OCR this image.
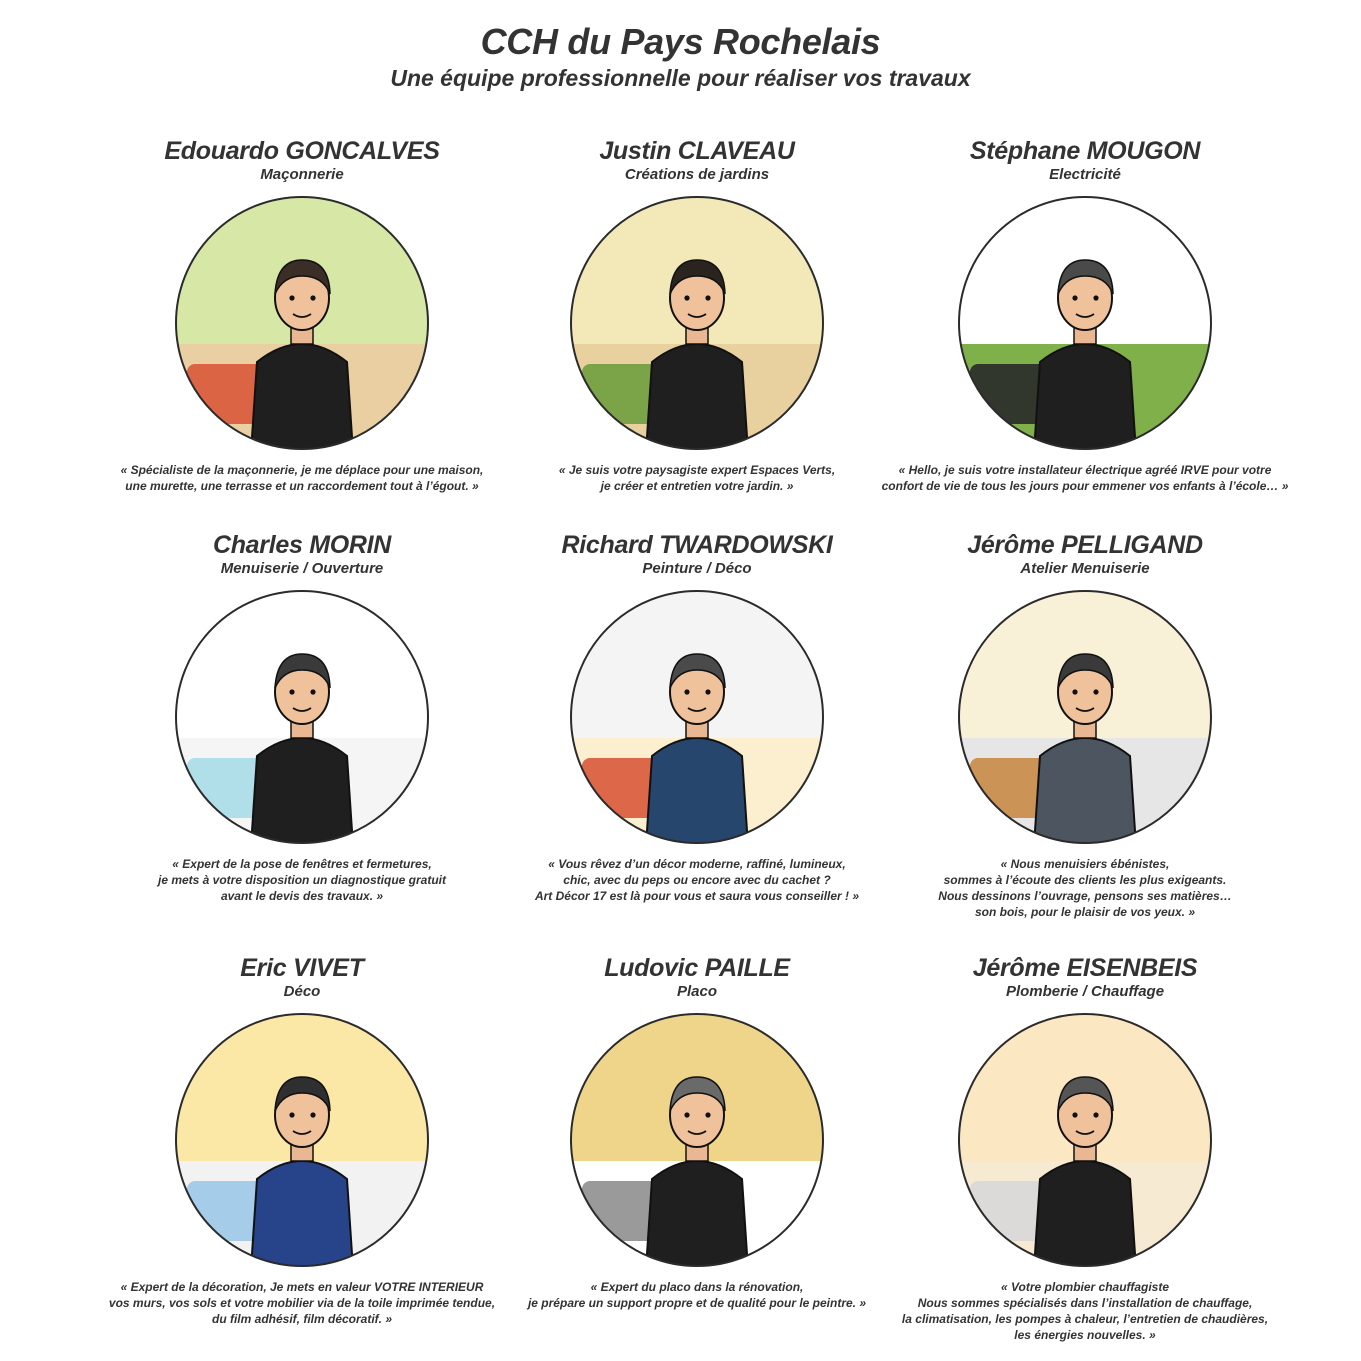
CCH du Pays Rochelais
Une équipe professionnelle pour réaliser vos travaux
Edouardo GONCALVES
Maçonnerie
« Spécialiste de la maçonnerie, je me déplace pour une maison,
une murette, une terrasse et un raccordement tout à l’égout. »
Justin CLAVEAU
Créations de jardins
« Je suis votre paysagiste expert Espaces Verts,
je créer et entretien votre jardin. »
Stéphane MOUGON
Electricité
« Hello, je suis votre installateur électrique agréé IRVE pour votre
confort de vie de tous les jours pour emmener vos enfants à l’école… »
Charles MORIN
Menuiserie / Ouverture
« Expert de la pose de fenêtres et fermetures,
je mets à votre disposition un diagnostique gratuit
avant le devis des travaux. »
Richard TWARDOWSKI
Peinture / Déco
« Vous rêvez d’un décor moderne, raffiné, lumineux,
chic, avec du peps ou encore avec du cachet ?
Art Décor 17 est là pour vous et saura vous conseiller ! »
Jérôme PELLIGAND
Atelier Menuiserie
« Nous menuisiers ébénistes,
sommes à l’écoute des clients les plus exigeants.
Nous dessinons l’ouvrage, pensons ses matières…
son bois, pour le plaisir de vos yeux. »
Eric VIVET
Déco
« Expert de la décoration, Je mets en valeur VOTRE INTERIEUR
vos murs, vos sols et votre mobilier via de la toile imprimée tendue,
du film adhésif, film décoratif. »
Ludovic PAILLE
Placo
« Expert du placo dans la rénovation,
je prépare un support propre et de qualité pour le peintre. »
Jérôme EISENBEIS
Plomberie / Chauffage
« Votre plombier chauffagiste
Nous sommes spécialisés dans l’installation de chauffage,
la climatisation, les pompes à chaleur, l’entretien de chaudières,
les énergies nouvelles. »
